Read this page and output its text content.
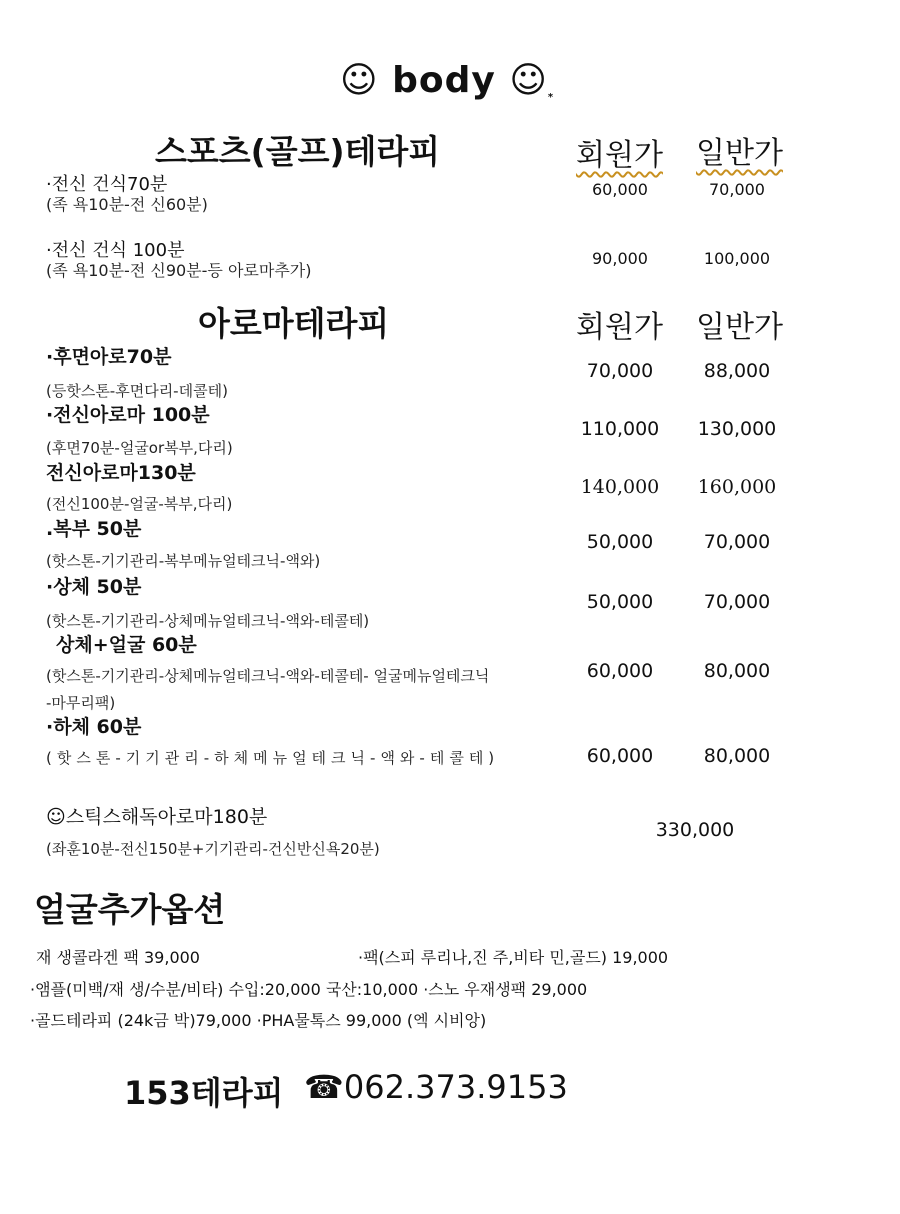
☺ body $☺_*$
스포츠(골프)테라피	회원가 일반가
·전신 건식70분
(족 욕10분-전 신60분)
60,000	70,000
·전신 건식 100분
(족 욕10분-전 신90분-등 아로마추가)
90,000	100,000
아로마테라피	회원가 일반가
·후면아로70분
(등핫스톤-후면다리-데콜테)
70,000	88,000
·전신아로마 100분
(후면70분-얼굴or복부,다리)
110,000	130,000
전신아로마130분
(전신100분-얼굴-복부,다리)
140,000	160,000
.복부 50분
(핫스톤-기기관리-복부메뉴얼테크닉-액와)
50,000	70,000
·상체 50분
(핫스톤-기기관리-상체메뉴얼테크닉-액와-테콜테)
50,000	70,000
상체+얼굴 60분
(핫스톤-기기관리-상체메뉴얼테크닉-액와-테콜테- 얼굴메뉴얼테크닉
-마무리팩)
60,000	80,000
·하체 60분
(핫스톤-기기관리-하체메뉴얼테크닉-액와-테콜테)	60,000	80,000
☺스틱스해독아로마180분
(좌훈10분-전신150분+기기관리-건신반신욕20분)
330,000
얼굴추가옵션
재 생콜라겐 팩 39,000	·팩(스피 루리나,진 주,비타 민,골드) 19,000
·앰플(미백/재 생/수분/비타) 수입:20,000 국산:10,000 ·스노 우재생팩 29,000
·골드테라피 (24k금 박)79,000 ·PHA물톡스 99,000 (엑 시비앙)
153테라피 ☎062.373.9153
